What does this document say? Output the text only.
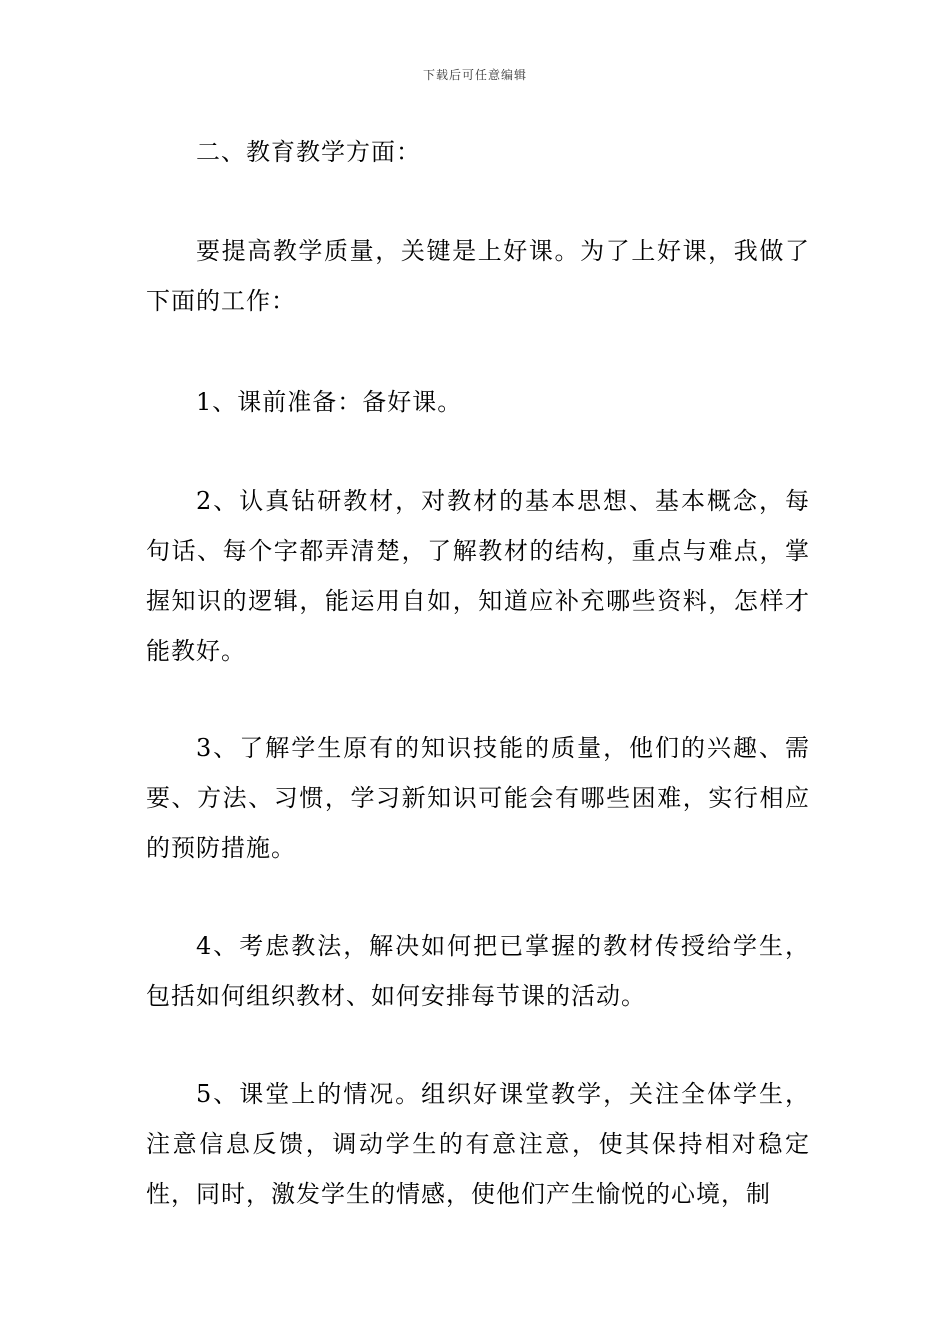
下载后可任意编辑

二、教育教学方面：

要提高教学质量，关键是上好课。为了上好课，我做了下面的工作：

1、课前准备：备好课。

2、认真钻研教材，对教材的基本思想、基本概念，每句话、每个字都弄清楚，了解教材的结构，重点与难点，掌握知识的逻辑，能运用自如，知道应补充哪些资料，怎样才能教好。

3、了解学生原有的知识技能的质量，他们的兴趣、需要、方法、习惯，学习新知识可能会有哪些困难，实行相应的预防措施。

4、考虑教法，解决如何把已掌握的教材传授给学生，包括如何组织教材、如何安排每节课的活动。

5、课堂上的情况。组织好课堂教学，关注全体学生，注意信息反馈，调动学生的有意注意，使其保持相对稳定性，同时，激发学生的情感，使他们产生愉悦的心境，制
